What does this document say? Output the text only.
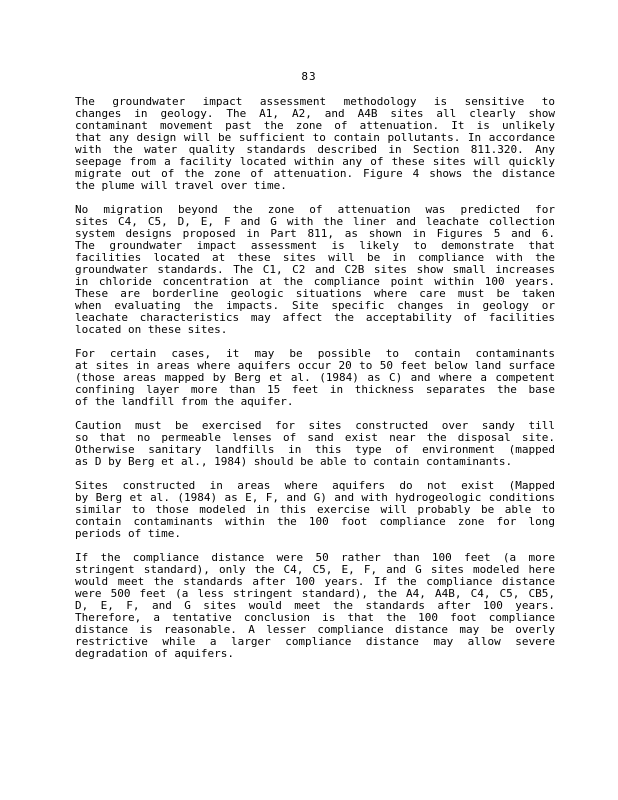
83
The groundwater impact assessment methodology is sensitive to
changes in geology. The A1, A2, and A4B sites all clearly show
contaminant movement past the zone of attenuation. It is unlikely
that any design will be sufficient to contain pollutants. In accordance
with the water quality standards described in Section 811.320. Any
seepage from a facility located within any of these sites will quickly
migrate out of the zone of attenuation. Figure 4 shows the distance
the plume will travel over time.
No migration beyond the zone of attenuation was predicted for
sites C4, C5, D, E, F and G with the liner and leachate collection
system designs proposed in Part 811, as shown in Figures 5 and 6.
The groundwater impact assessment is likely to demonstrate that
facilities located at these sites will be in compliance with the
groundwater standards. The C1, C2 and C2B sites show small increases
in chloride concentration at the compliance point within 100 years.
These are borderline geologic situations where care must be taken
when evaluating the impacts. Site specific changes in geology or
leachate characteristics may affect the acceptability of facilities
located on these sites.
For certain cases, it may be possible to contain contaminants
at sites in areas where aquifers occur 20 to 50 feet below land surface
(those areas mapped by Berg et al. (1984) as C) and where a competent
confining layer more than 15 feet in thickness separates the base
of the landfill from the aquifer.
Caution must be exercised for sites constructed over sandy till
so that no permeable lenses of sand exist near the disposal site.
Otherwise sanitary landfills in this type of environment (mapped
as D by Berg et al., 1984) should be able to contain contaminants.
Sites constructed in areas where aquifers do not exist (Mapped
by Berg et al. (1984) as E, F, and G) and with hydrogeologic conditions
similar to those modeled in this exercise will probably be able to
contain contaminants within the 100 foot compliance zone for long
periods of time.
If the compliance distance were 50 rather than 100 feet (a more
stringent standard), only the C4, C5, E, F, and G sites modeled here
would meet the standards after 100 years. If the compliance distance
were 500 feet (a less stringent standard), the A4, A4B, C4, C5, CB5,
D, E, F, and G sites would meet the standards after 100 years.
Therefore, a tentative conclusion is that the 100 foot compliance
distance is reasonable. A lesser compliance distance may be overly
restrictive while a larger compliance distance may allow severe
degradation of aquifers.
